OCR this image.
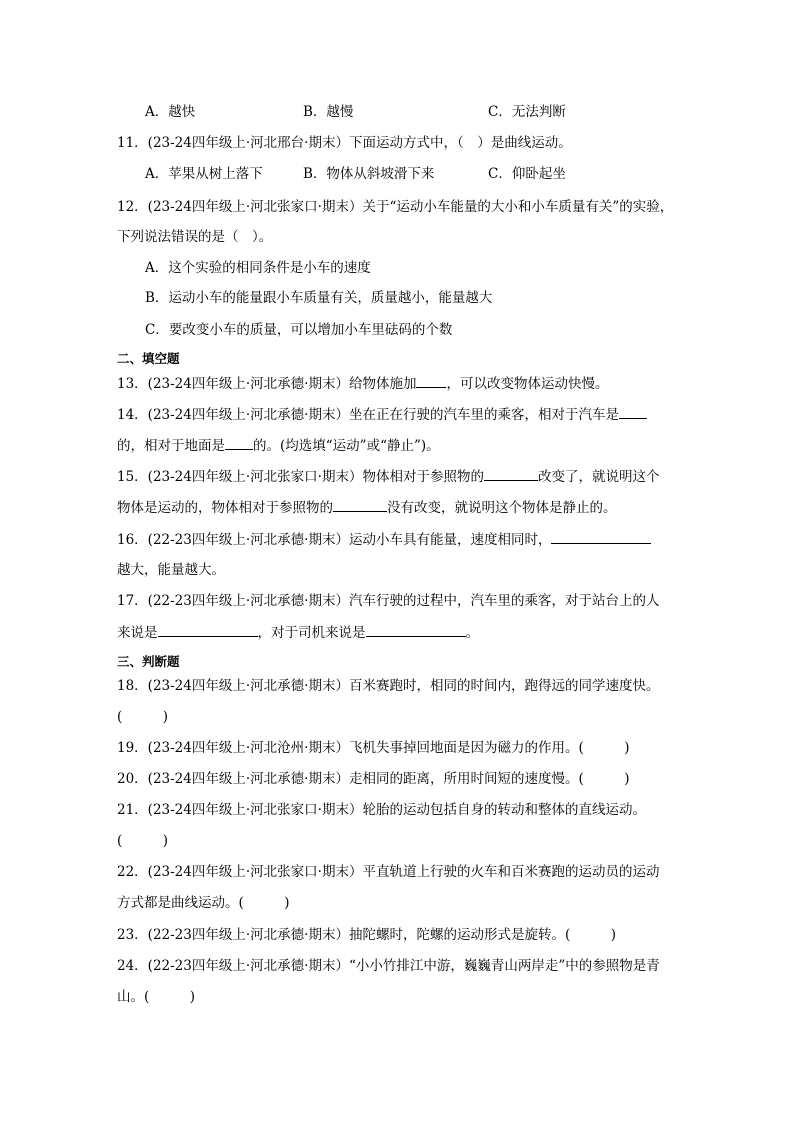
A．越快	B．越慢	C．无法判断
11．(23-24四年级上·河北邢台·期末）下面运动方式中，（　）是曲线运动。
A．苹果从树上落下	B．物体从斜坡滑下来	C．仰卧起坐
12．(23-24四年级上·河北张家口·期末）关于“运动小车能量的大小和小车质量有关”的实验，
下列说法错误的是（　）。
A．这个实验的相同条件是小车的速度
B．运动小车的能量跟小车质量有关，质量越小，能量越大
C．要改变小车的质量，可以增加小车里砝码的个数
二、填空题
13．(23-24四年级上·河北承德·期末）给物体施加 ，可以改变物体运动快慢。
14．(23-24四年级上·河北承德·期末）坐在正在行驶的汽车里的乘客，相对于汽车是
的，相对于地面是 的。(均选填“运动”或“静止”)。
15．(23-24四年级上·河北张家口·期末）物体相对于参照物的	改变了，就说明这个
物体是运动的，物体相对于参照物的	没有改变，就说明这个物体是静止的。
16．(22-23四年级上·河北承德·期末）运动小车具有能量，速度相同时，
越大，能量越大。
17．(22-23四年级上·河北承德·期末）汽车行驶的过程中，汽车里的乘客，对于站台上的人
来说是	，对于司机来说是	。
三、判断题
18．(23-24四年级上·河北承德·期末）百米赛跑时，相同的时间内，跑得远的同学速度快。
(　　　)
19．(23-24四年级上·河北沧州·期末）飞机失事掉回地面是因为磁力的作用。(　　　)
20．(23-24四年级上·河北承德·期末）走相同的距离，所用时间短的速度慢。(　　　)
21．(23-24四年级上·河北张家口·期末）轮胎的运动包括自身的转动和整体的直线运动。
(　　　)
22．(23-24四年级上·河北张家口·期末）平直轨道上行驶的火车和百米赛跑的运动员的运动
方式都是曲线运动。(　　　)
23．(22-23四年级上·河北承德·期末）抽陀螺时，陀螺的运动形式是旋转。(　　　)
24．(22-23四年级上·河北承德·期末）“小小竹排江中游，巍巍青山两岸走”中的参照物是青
山。(　　　)
